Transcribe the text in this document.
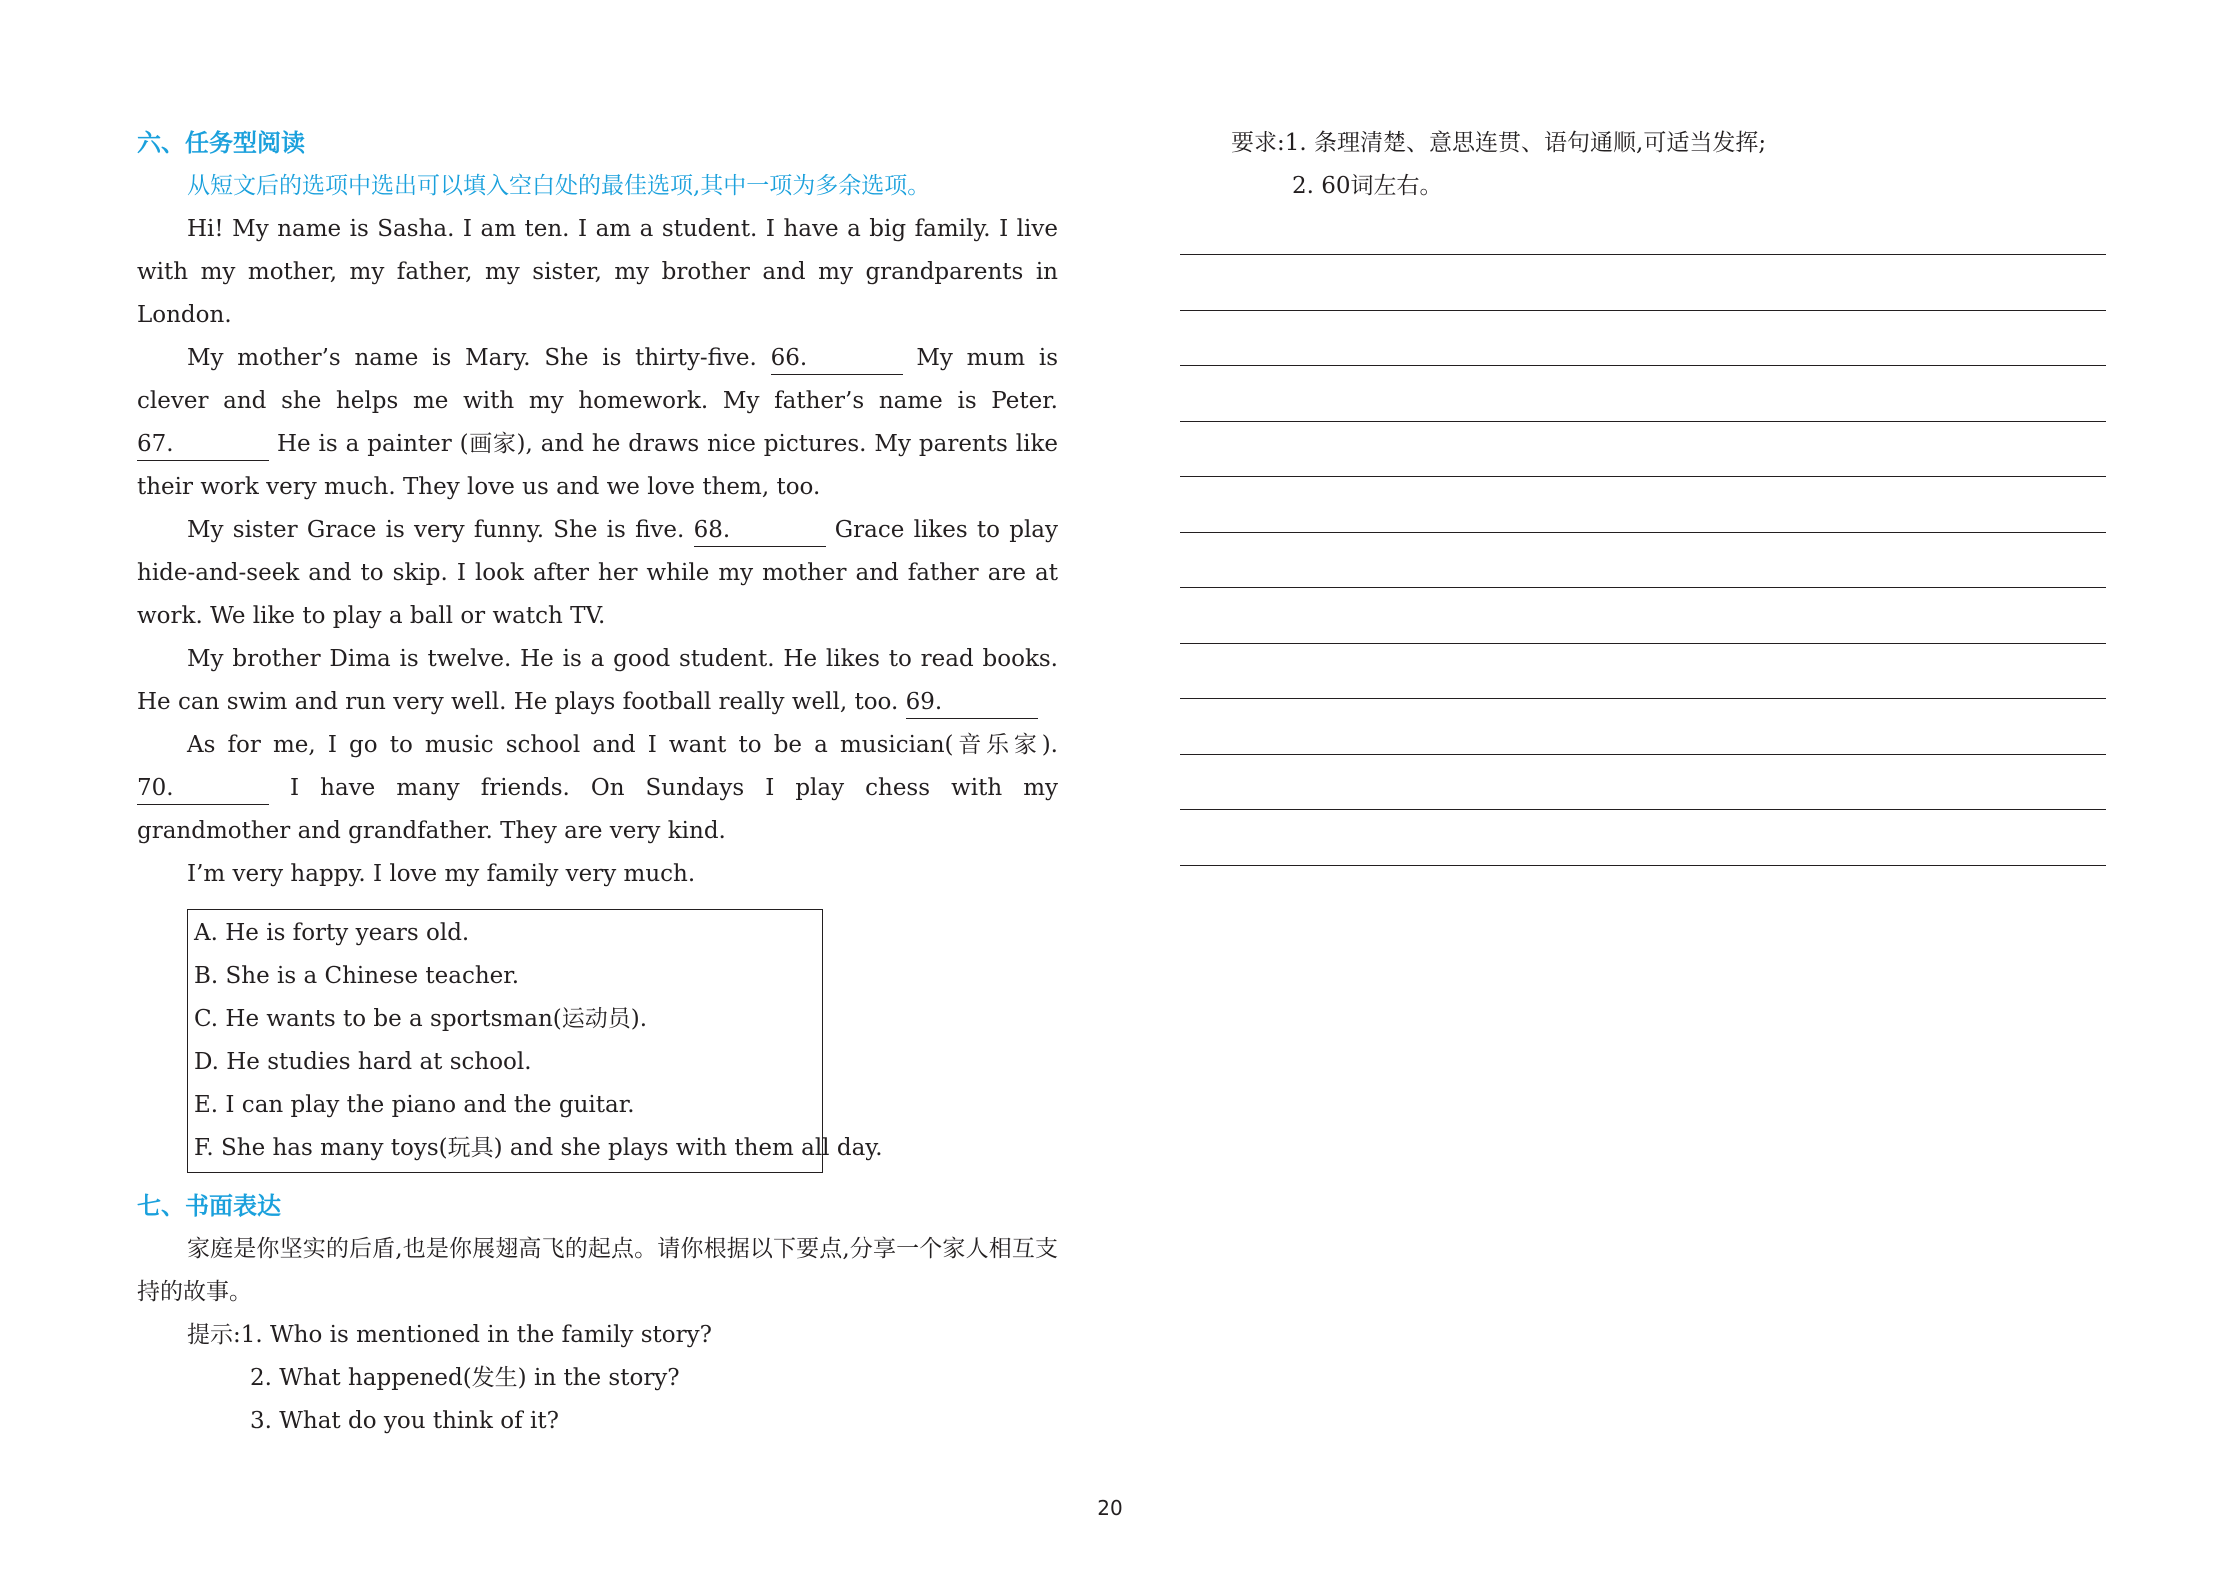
六、任务型阅读
从短文后的选项中选出可以填入空白处的最佳选项,其中一项为多余选项。

Hi! My name is Sasha. I am ten. I am a student. I have a big family. I live with my mother, my father, my sister, my brother and my grandparents in London.

My mother’s name is Mary. She is thirty-five. 66.	My mum is clever and she helps me with my homework. My father’s name is Peter. 67.	He is a painter (画家), and he draws nice pictures. My parents like their work very much. They love us and we love them, too.

My sister Grace is very funny. She is five. 68.	Grace likes to play hide-and-seek and to skip. I look after her while my mother and father are at work. We like to play a ball or watch TV.

My brother Dima is twelve. He is a good student. He likes to read books. He can swim and run very well. He plays football really well, too. 69.

As for me, I go to music school and I want to be a musician(音乐家). 70.	I have many friends. On Sundays I play chess with my grandmother and grandfather. They are very kind.

I’m very happy. I love my family very much.

A. He is forty years old.
B. She is a Chinese teacher.
C. He wants to be a sportsman(运动员).
D. He studies hard at school.
E. I can play the piano and the guitar.
F. She has many toys(玩具) and she plays with them all day.
七、书面表达

家庭是你坚实的后盾,也是你展翅高飞的起点。请你根据以下要点,分享一个家人相互支持的故事。

提示:1. Who is mentioned in the family story?
2. What happened(发生) in the story?
3. What do you think of it?
要求:1. 条理清楚、意思连贯、语句通顺,可适当发挥;
2. 60词左右。
20
